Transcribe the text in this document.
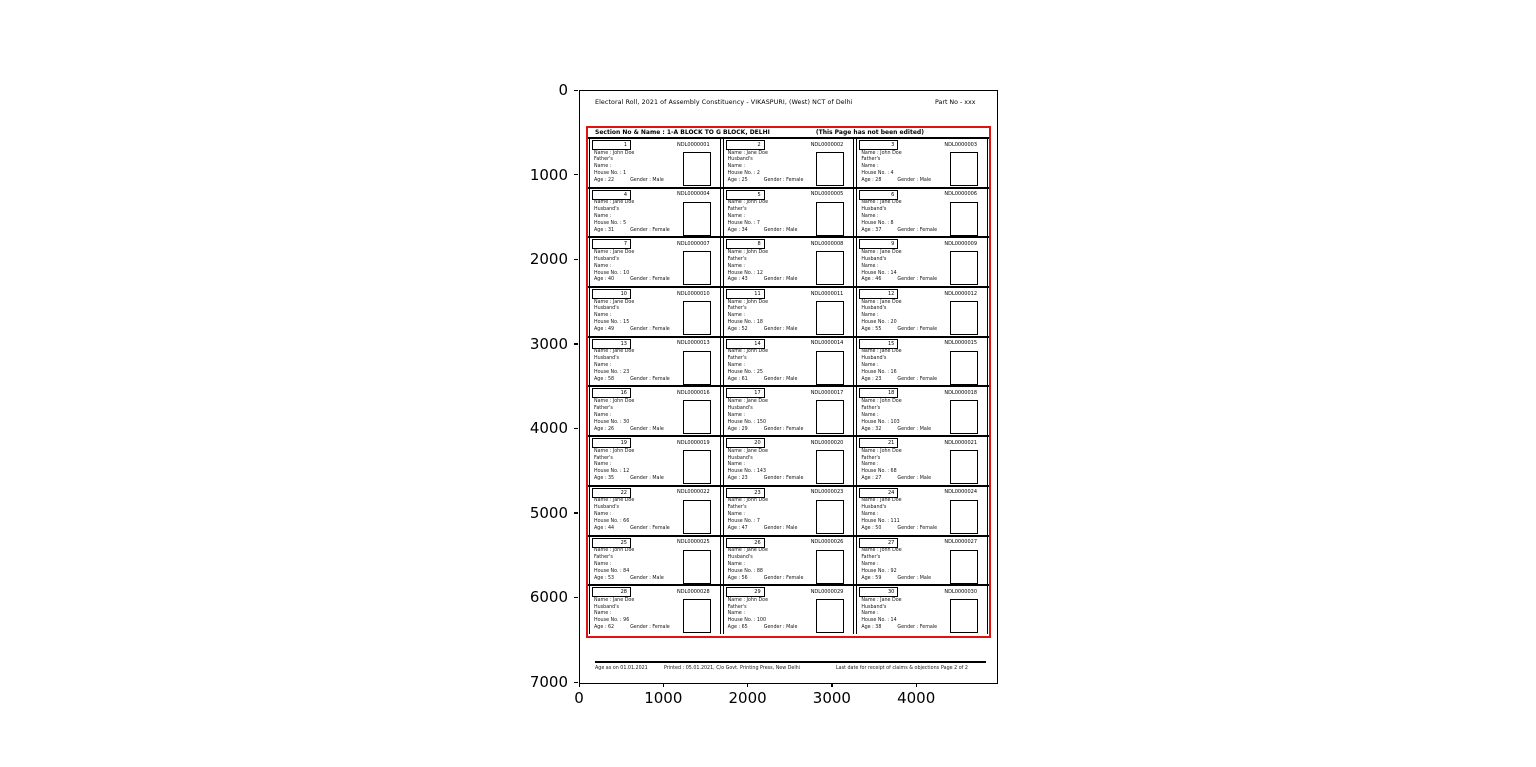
0
1000
2000
3000
4000
5000
6000
7000
0	1000	2000	3000	4000
Electoral Roll, 2021 of Assembly Constituency - VIKASPURI, (West) NCT of Delhi	Part No - xxx
Section No & Name : 1-A BLOCK TO G BLOCK, DELHI	(This Page has not been edited)
1	NDL0000001
Name : John Doe
Father's
Name :
House No. : 1
Age : 22	Gender : Male
2	NDL0000002
Name : Jane Doe
Husband's
Name :
House No. : 2
Age : 25	Gender : Female
3	NDL0000003
Name : John Doe
Father's
Name :
House No. : 4
Age : 28	Gender : Male
4	NDL0000004
Name : Jane Doe
Husband's
Name :
House No. : 5
Age : 31	Gender : Female
5	NDL0000005
Name : John Doe
Father's
Name :
House No. : 7
Age : 34	Gender : Male
6	NDL0000006
Name : Jane Doe
Husband's
Name :
House No. : 8
Age : 37	Gender : Female
7	NDL0000007
Name : Jane Doe
Husband's
Name :
House No. : 10
Age : 40	Gender : Female
8	NDL0000008
Name : John Doe
Father's
Name :
House No. : 12
Age : 43	Gender : Male
9	NDL0000009
Name : Jane Doe
Husband's
Name :
House No. : 14
Age : 46	Gender : Female
10	NDL0000010
Name : Jane Doe
Husband's
Name :
House No. : 15
Age : 49	Gender : Female
11	NDL0000011
Name : John Doe
Father's
Name :
House No. : 18
Age : 52	Gender : Male
12	NDL0000012
Name : Jane Doe
Husband's
Name :
House No. : 20
Age : 55	Gender : Female
13	NDL0000013
Name : Jane Doe
Husband's
Name :
House No. : 23
Age : 58	Gender : Female
14	NDL0000014
Name : John Doe
Father's
Name :
House No. : 25
Age : 61	Gender : Male
15	NDL0000015
Name : Jane Doe
Husband's
Name :
House No. : 16
Age : 23	Gender : Female
16	NDL0000016
Name : John Doe
Father's
Name :
House No. : 30
Age : 26	Gender : Male
17	NDL0000017
Name : Jane Doe
Husband's
Name :
House No. : 150
Age : 29	Gender : Female
18	NDL0000018
Name : John Doe
Father's
Name :
House No. : 103
Age : 32	Gender : Male
19	NDL0000019
Name : John Doe
Father's
Name :
House No. : 12
Age : 35	Gender : Male
20	NDL0000020
Name : Jane Doe
Husband's
Name :
House No. : 143
Age : 23	Gender : Female
21	NDL0000021
Name : John Doe
Father's
Name :
House No. : 68
Age : 27	Gender : Male
22	NDL0000022
Name : Jane Doe
Husband's
Name :
House No. : 66
Age : 44	Gender : Female
23	NDL0000023
Name : John Doe
Father's
Name :
House No. : 7
Age : 47	Gender : Male
24	NDL0000024
Name : Jane Doe
Husband's
Name :
House No. : 111
Age : 50	Gender : Female
25	NDL0000025
Name : John Doe
Father's
Name :
House No. : 84
Age : 53	Gender : Male
26	NDL0000026
Name : Jane Doe
Husband's
Name :
House No. : 88
Age : 56	Gender : Female
27	NDL0000027
Name : John Doe
Father's
Name :
House No. : 92
Age : 59	Gender : Male
28	NDL0000028
Name : Jane Doe
Husband's
Name :
House No. : 96
Age : 62	Gender : Female
29	NDL0000029
Name : John Doe
Father's
Name :
House No. : 100
Age : 65	Gender : Male
30	NDL0000030
Name : Jane Doe
Husband's
Name :
House No. : 14
Age : 38	Gender : Female
Age as on 01.01.2021	Printed : 05.01.2021, C/o Govt. Printing Press, New Delhi	Last date for receipt of claims & objections Page 2 of 2
